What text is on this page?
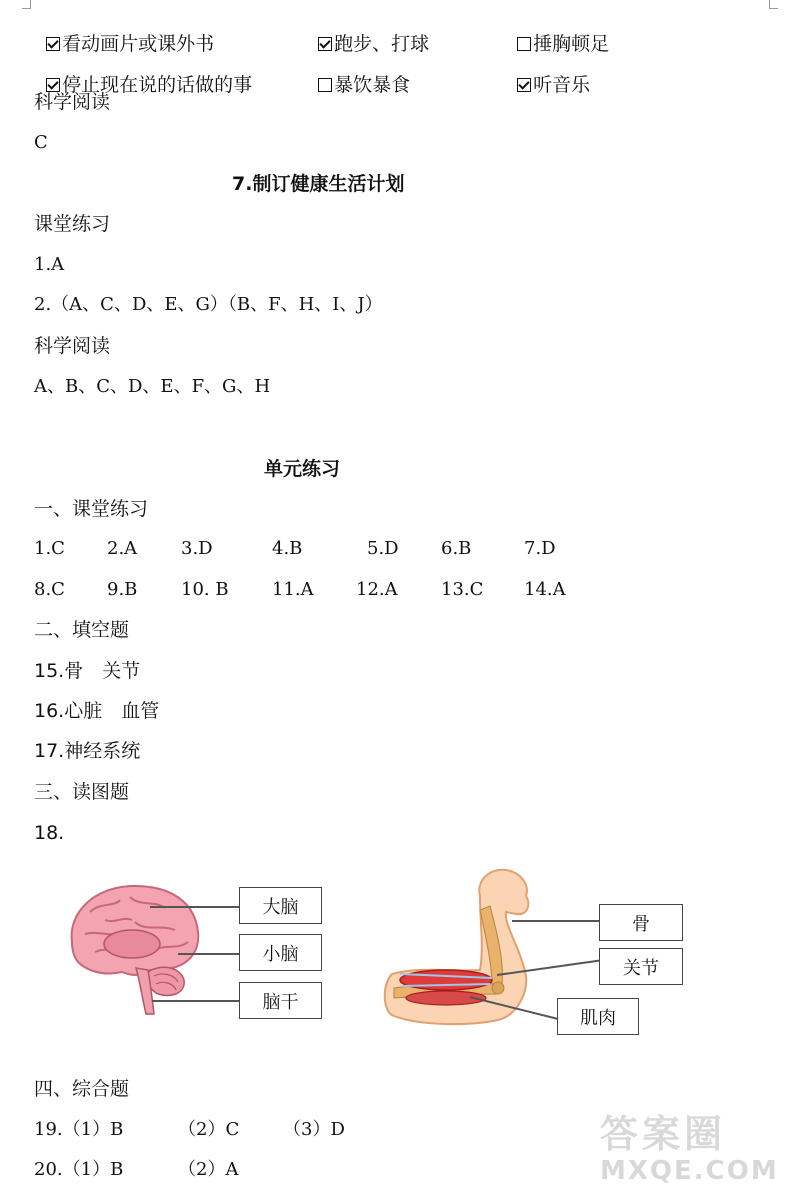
看动画片或课外书	跑步、打球	捶胸顿足

停止现在说的话做的事	暴饮暴食	听音乐

科学阅读
C
7.制订健康生活计划
课堂练习
1.A
2.（A、C、D、E、G）（B、F、H、I、J）
科学阅读
A、B、C、D、E、F、G、H
单元练习
一、课堂练习
1.C 2.A 3.D	4.B	5.D 6.B	7.D
8.C 9.B 10. B 11.A 12.A 13.C 14.A
二、填空题
15.骨　关节
16.心脏　血管
17.神经系统
三、读图题
18.
大脑
小脑
脑干
骨
关节
肌肉
四、综合题
19.（1）B	（2）C （3）D
20.（1）B	（2）A
答案圈
MXQE.COM
